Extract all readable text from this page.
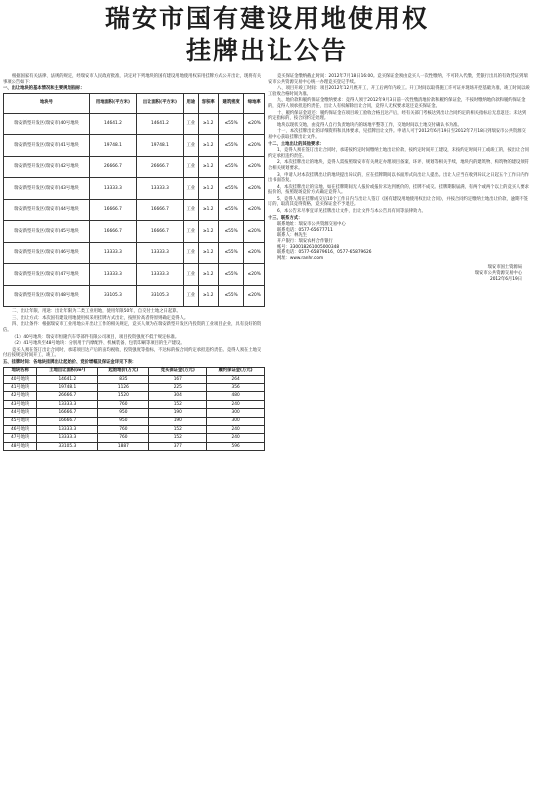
瑞安市国有建设用地使用权
挂牌出让公告
根据国家有关法律、法规的规定，经瑞安市人民政府批准，决定对下列地块的国有建设用地使用权采用挂牌方式公开出让，现将有关事项公告如下：
一、出让地块的基本情况和主要规划指标：
地块号	用地面积(平方米)	出让面积(平方米)	用途	容积率	建筑密度	绿地率
瑞安新型开发区(瑞安市)40号地块	14641.2	14641.2	工业	≥1.2	≤55%	≤20%
瑞安新型开发区(瑞安市)41号地块	19748.1	19748.1	工业	≥1.2	≤55%	≤20%
瑞安新型开发区(瑞安市)42号地块	26666.7	26666.7	工业	≥1.2	≤55%	≤20%
瑞安新型开发区(瑞安市)43号地块	13333.3	13333.3	工业	≥1.2	≤55%	≤20%
瑞安新型开发区(瑞安市)44号地块	16666.7	16666.7	工业	≥1.2	≤55%	≤20%
瑞安新型开发区(瑞安市)45号地块	16666.7	16666.7	工业	≥1.2	≤55%	≤20%
瑞安新型开发区(瑞安市)46号地块	13333.3	13333.3	工业	≥1.2	≤55%	≤20%
瑞安新型开发区(瑞安市)47号地块	13333.3	13333.3	工业	≥1.2	≤55%	≤20%
瑞安新型开发区(瑞安市)48号地块	33105.3	33105.3	工业	≥1.2	≤55%	≤20%
二、出让年限、用途：出让年限为二类工业用地，使用年限50年，自交付土地之日起算。
三、出让方式：本次国有建设用地使用权采用挂牌方式出让，按照价高者得原则确定竞得人。
四、出让条件：根据瑞安市工业用地公开出让工作的相关规定，竞买人须为在瑞安新型开发区内投资的工业项目企业，具有良好的资信。
（1）40号地块：瑞安市恒隆汽车零部件有限公司项目，项目投资强度不低于规定标准。
（2）41号地块至48号地块：分别用于汽摩配件、机械装备、包装印刷等项目的生产建设。
竞买人须在签订出让合同时，承诺项目达产后的亩均税收、投资强度等指标，不达标的按合同约定承担违约责任。竞得人须在土地交付后按规定时间开工、竣工。
五、挂牌时间：各地块挂牌出让起始价、竞价增幅及保证金详见下表：
地块名称	土地出让面积(m²)	起始地价(万元)	竞买保证金(万元)	履约保证金(万元)
40号地块	14641.2	835	167	264
41号地块	19748.1	1126	225	356
42号地块	26666.7	1520	304	480
43号地块	13333.3	760	152	240
44号地块	16666.7	950	190	300
45号地块	16666.7	950	190	300
46号地块	13333.3	760	152	240
47号地块	13333.3	760	152	240
48号地块	33105.3	1887	377	596
竞买保证金缴纳截止时间：2012年7月18日16:00。竞买保证金须由竞买人一次性缴纳，不可转入代缴，凭银行出具的有效凭证到瑞安市公共资源交易中心统一办理竞买登记手续。
八、项目开竣工时间：项目2012年12月底开工，开工后两年内竣工。开工时间以取得施工许可证并现场开挖基础为准，竣工时间以竣工验收合格时间为准。
九、地价款和履约保证金缴纳要求：竞得人须于2012年9月3日前一次性缴清地价款和履约保证金，不按时缴纳地价款和履约保证金的，竞得人须承担违约责任，出让人有权解除出让合同，竞得人无权要求返还竞买保证金。
十、履约保证金返还：履约保证金在项目竣工验收合格且达产后，经有关部门考核达到出让合同约定的相关指标后无息返还；未达到约定指标的，按合同约定处理。
地块以现状交地，由竞得人自行负责地块内的场地平整等工作，交地时间以土地交付确认书为准。
十一、本次挂牌出让的详细资料和具体要求，见挂牌出让文件。申请人可于2012年6月19日至2012年7月18日到瑞安市公共资源交易中心获取挂牌出让文件。
十二、土地出让的其他要求：
1、竞得人须在签订出让合同时，承诺按约定时间缴纳土地出让价款，按约定时间开工建设，未按约定时间开工或竣工的，按出让合同约定承担违约责任。
2、本次挂牌出让的地块，竞得人需按照瑞安市有关规定办理项目备案、环评、规划等相关手续，地块内的建筑物、构筑物的建设须符合相关规划要求。
3、申请人对本次挂牌出让的地块提出异议的，应在挂牌期间以书面形式向出让人提出。出让人应当在收到异议之日起五个工作日内作出书面答复。
4、本次挂牌出让的宗地，如在挂牌期间无人报价或报价未达到底价的，挂牌不成交。挂牌期限届满，有两个或两个以上的竞买人要求报价的，按照现场竞价方式确定竞得人。
5、竞得人须在挂牌成交后10个工作日内与出让人签订《国有建设用地使用权出让合同》，并按合同约定缴纳土地出让价款，逾期不签订的，取消其竞得资格，竞买保证金不予退还。
6、本公告未尽事宜详见挂牌出让文件，出让文件与本公告具有同等法律效力。
十三、联系方式：
联系地址：瑞安市公共资源交易中心
联系电话：0577-65677711
联系人：林先生
开户银行：瑞安农村合作银行
帐号：330018261005000348
联系电话：0577-65879616、0577-65879626
网址：www.ranhr.com
瑞安市国土资源局
瑞安市公共资源交易中心
2012年6月19日
